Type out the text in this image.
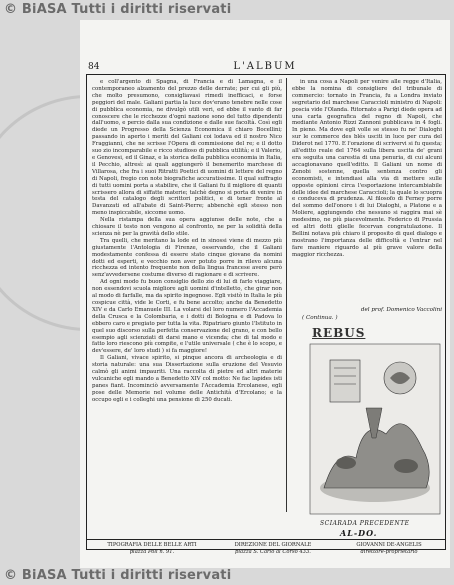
© BiASA Tutti i diritti riservati
84	L'ALBUM

e coll'argento di Spagna, di Francia e di Lamagna, e il contemporaneo alzamento del prezzo delle derrate; per cui gli più, che molto presumono, consigliavasi rimedi inefficaci, e forse peggiori del male. Galiani partia la luce dov'erano tenebre nelle cose di pubblica economia, ne divulgò utili veri, ed ebbe il vanto di far conoscere che le ricchezze d'ogni nazione sono del tutto dipendenti dall'uomo, e percio dalla sua condizione e dalle sue facoltà. Così egli diede un Progresso della Scienza Economica il chiaro Bocellini; passando in aperto i meriti del Galiani coi lodava ed il nostro Nico Fraggianni, che ne scrisse l'Opera di commissione del re; e il dotto suo zio incomparabile e ricco studioso di pubblica utilità; e il Valerio, e Genovesi, ed il Ginaz, e la storica della pubblica economia in Italia, il Pecchio, altresì: ai quali aggiungerò il benemerito marchese di Villarosa, che fra i suoi Ritratti Poetici di uomini di lettere del regno di Napoli, fregio con note biografiche accuratissime. Il qual suffragio di tutti uomini porta a stabilire, che il Galiani fu il migliore di quanti scrissero allora di siffatte materie; talchè degno si porta di venire in testa del catalogo degli scrittori politici, e di tener fronte al Davanzati ed all'abate di Saint-Pierre; abbenchè egli stesso non meno inspiccabile, siccome uomo.

Nella ristampa della sua opera aggiunse delle note, che a chiosare il testo non vengono al confronto, ne per la solidità della scienza nè per la gravità dello stile.

Tra quelli, che meritano la lode ed in sinossi viene di mezzo più giustamente l'Antologia di Firenze, osservando, che il Galiani modestamente confessa di essere stato cinque giovane da nomini dotti ed esperti, e vecchio non aver potuto porre in rilevo alcuna ricchezza ed intento frequente non della lingua francese avere però senz'avvedersene costume diverso di ragionare e di scrivere.

Ad ogni modo fu buon consiglio dello zio di lui di farlo viaggiare, non essendovi scuola migliore agli uomini d'intelletto, che girar non al modo di farfalle, ma da spirito ingegnose. Egli visitò in Italia le più cospicue città, vide le Corti, e fu bene accolto; anche da Benedetto XIV e da Carlo Emanuele III. La volarsi del loro numero l'Accademia della Crusca e la Colombaria, e i dotti di Bologna e di Padova lo ebbero caro e pregiato per tutta la vita. Ripatriaro giunto l'Istituto in quel suo discorso sulla perfetta conservazione del grano, e con bello esempio agli scienziati di darsi mano e vicenda; che di tal modo e fatto loro riescono più compite, e l'utile universale ( che è lo scopo, e dev'essere, de' loro studi ) si fa maggiore!

Il Galiani, vivace spirito, si pinque ancora di archeologia e di storia naturale: una sua Dissertazione sulla eruzione del Vesuvio calmò gli animi impauriti. Una raccolta di pietre ed altri materie vulcaniche egli mando a Benedetto XIV col motto: Ne fac lapides isti panes fiant. Incominciò avversamente l'Accademia Ercolanese, egli pose delle Memorie nel volume delle Antichità d'Ercolano; e la occupo egli e i colleghi una pensione di 250 ducati.

in una cosa a Napoli per venire alle regge d'Italia, ebbe la nomina di consigliere del tribunale di commercio: tornato in Francia, fu a Londra inviato segretario del marchese Caraccioli ministro di Napoli: poscia vide l'Olanda. Ritornato a Parigi diede opera ad una carta geografica del regno di Napoli, che mediante Antonio Rizzi Zannoni pubblicava in 4 fogli. In pieno. Ma dove egli volle se stesso fu ne' Dialoghi sur le commerce des blés usciti in luce per cura del Diderot nel 1770. E l'orazione di scrivervi si fu questa; all'editto reale del 1764 sulla libera uscita de' grani era seguita una carestia di una penuria, di cui alcuni accagionavano quell'editto. Il Galiani un nome di Zenobi sostenne, quella sentenza contro gli economisti, e intendiasi alla via di mettere sulle opposte opinioni circa l'esportazione intercambiabile delle idee del marchese Caraccioli; la quale lo scuopra e conduceva di prudenza. Al filosofo di Ferney porre del sommo dell'onore i di lui Dialoghi, a Platone e a Moliere, aggiungendo che nessuno si raggira mai sè medesimo, ne più piacevolmente. Federico di Prussia ed altri dotti glielle fecervan congratulazione. Il Bellini notava più chiaro il proposito di quel dialogo e mostrano l'importanza delle difficoltà e l'entrar nel fare maniere riguardo al più grave valore della maggior ricchezza.

del prof. Domenico Vaccolini
( Continua. )
REBUS
SCIARADA PRECEDENTE
AL-DO.
TIPOGRAFIA DELLE BELLE ARTI
piazza Poli n. 91.
DIREZIONE DEL GIORNALE
piazza S. Carlo al Corso 433.
GIOVANNI DE-ANGELIS
direttore-proprietario
© BiASA Tutti i diritti riservati
